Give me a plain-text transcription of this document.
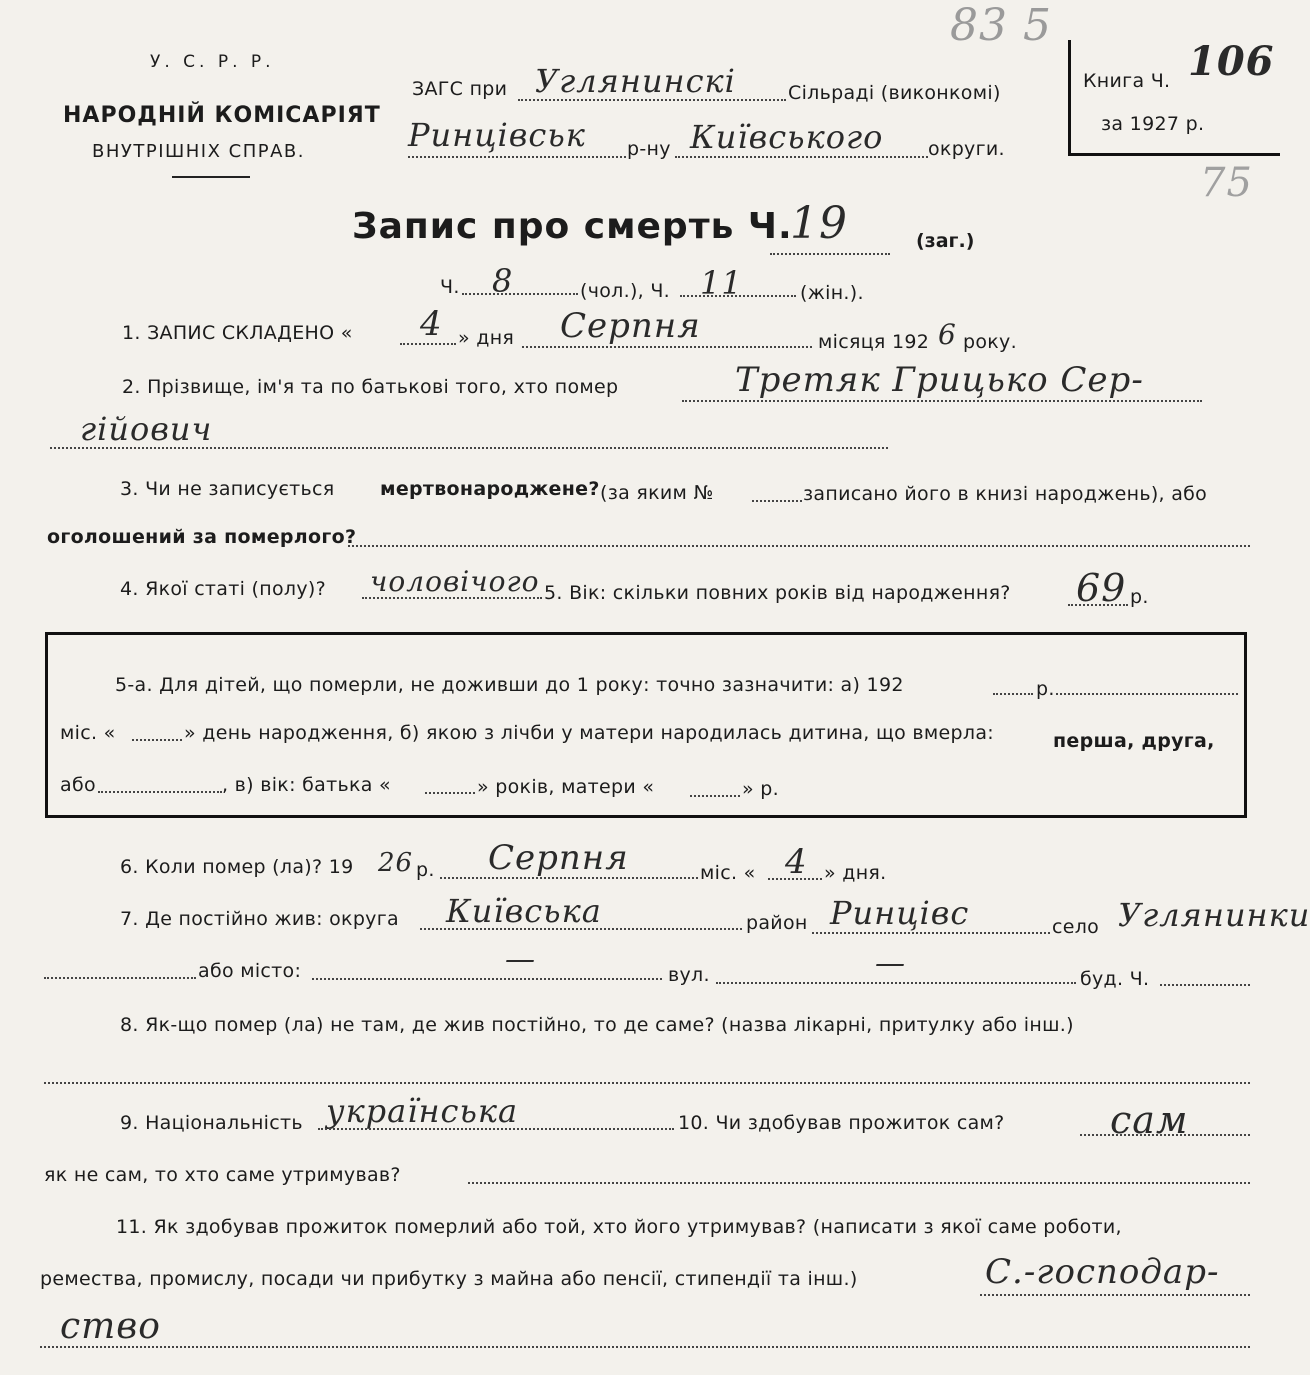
У. С. Р. Р.
НАРОДНІЙ КОМІСАРІЯТ
ВНУТРІШНІХ СПРАВ.
ЗАГС при Углянинскі	Сільраді (виконкомі)
Ринцівськ р-ну Київського округи.
Книга Ч. 106
за 1927 р.
83 5
75
Запис про смерть Ч.
19	(заг.)
Ч. 8	(чол.), Ч. 11	(жін.).
1. ЗАПИС СКЛАДЕНО « 4 » дня Серпня	місяця 192 6 року.
2. Прізвище, ім'я та по батькові того, хто помер	Третяк Грицько Сер-
гійович
3. Чи не записується мертвонароджене? (за яким №	записано його в книзі народжень), або
оголошений за померлого?
4. Якої статі (полу)? чоловічого 5. Вік: скільки повних років від народження? 69 р.
5-а. Для дітей, що померли, не доживши до 1 року: точно зазначити: а) 192	р.
міс. «	» день народження, б) якою з лічби у матери народилась дитина, що вмерла:	перша, друга,
або	, в) вік: батька «	» років, матери «	» р.
6. Коли помер (ла)? 19 26 р. Серпня	міс. « 4 » дня.
7. Де постійно жив: округа Київська	район Ринцівс	село Углянинки
або місто:	—	вул.	—	буд. Ч.
8. Як-що помер (ла) не там, де жив постійно, то де саме? (назва лікарні, притулку або інш.)
9. Національність українська	10. Чи здобував прожиток сам?	сам
як не сам, то хто саме утримував?
11. Як здобував прожиток померлий або той, хто його утримував? (написати з якої саме роботи,
ремества, промислу, посади чи прибутку з майна або пенсії, стипендії та інш.)	С.-господар-
ство
